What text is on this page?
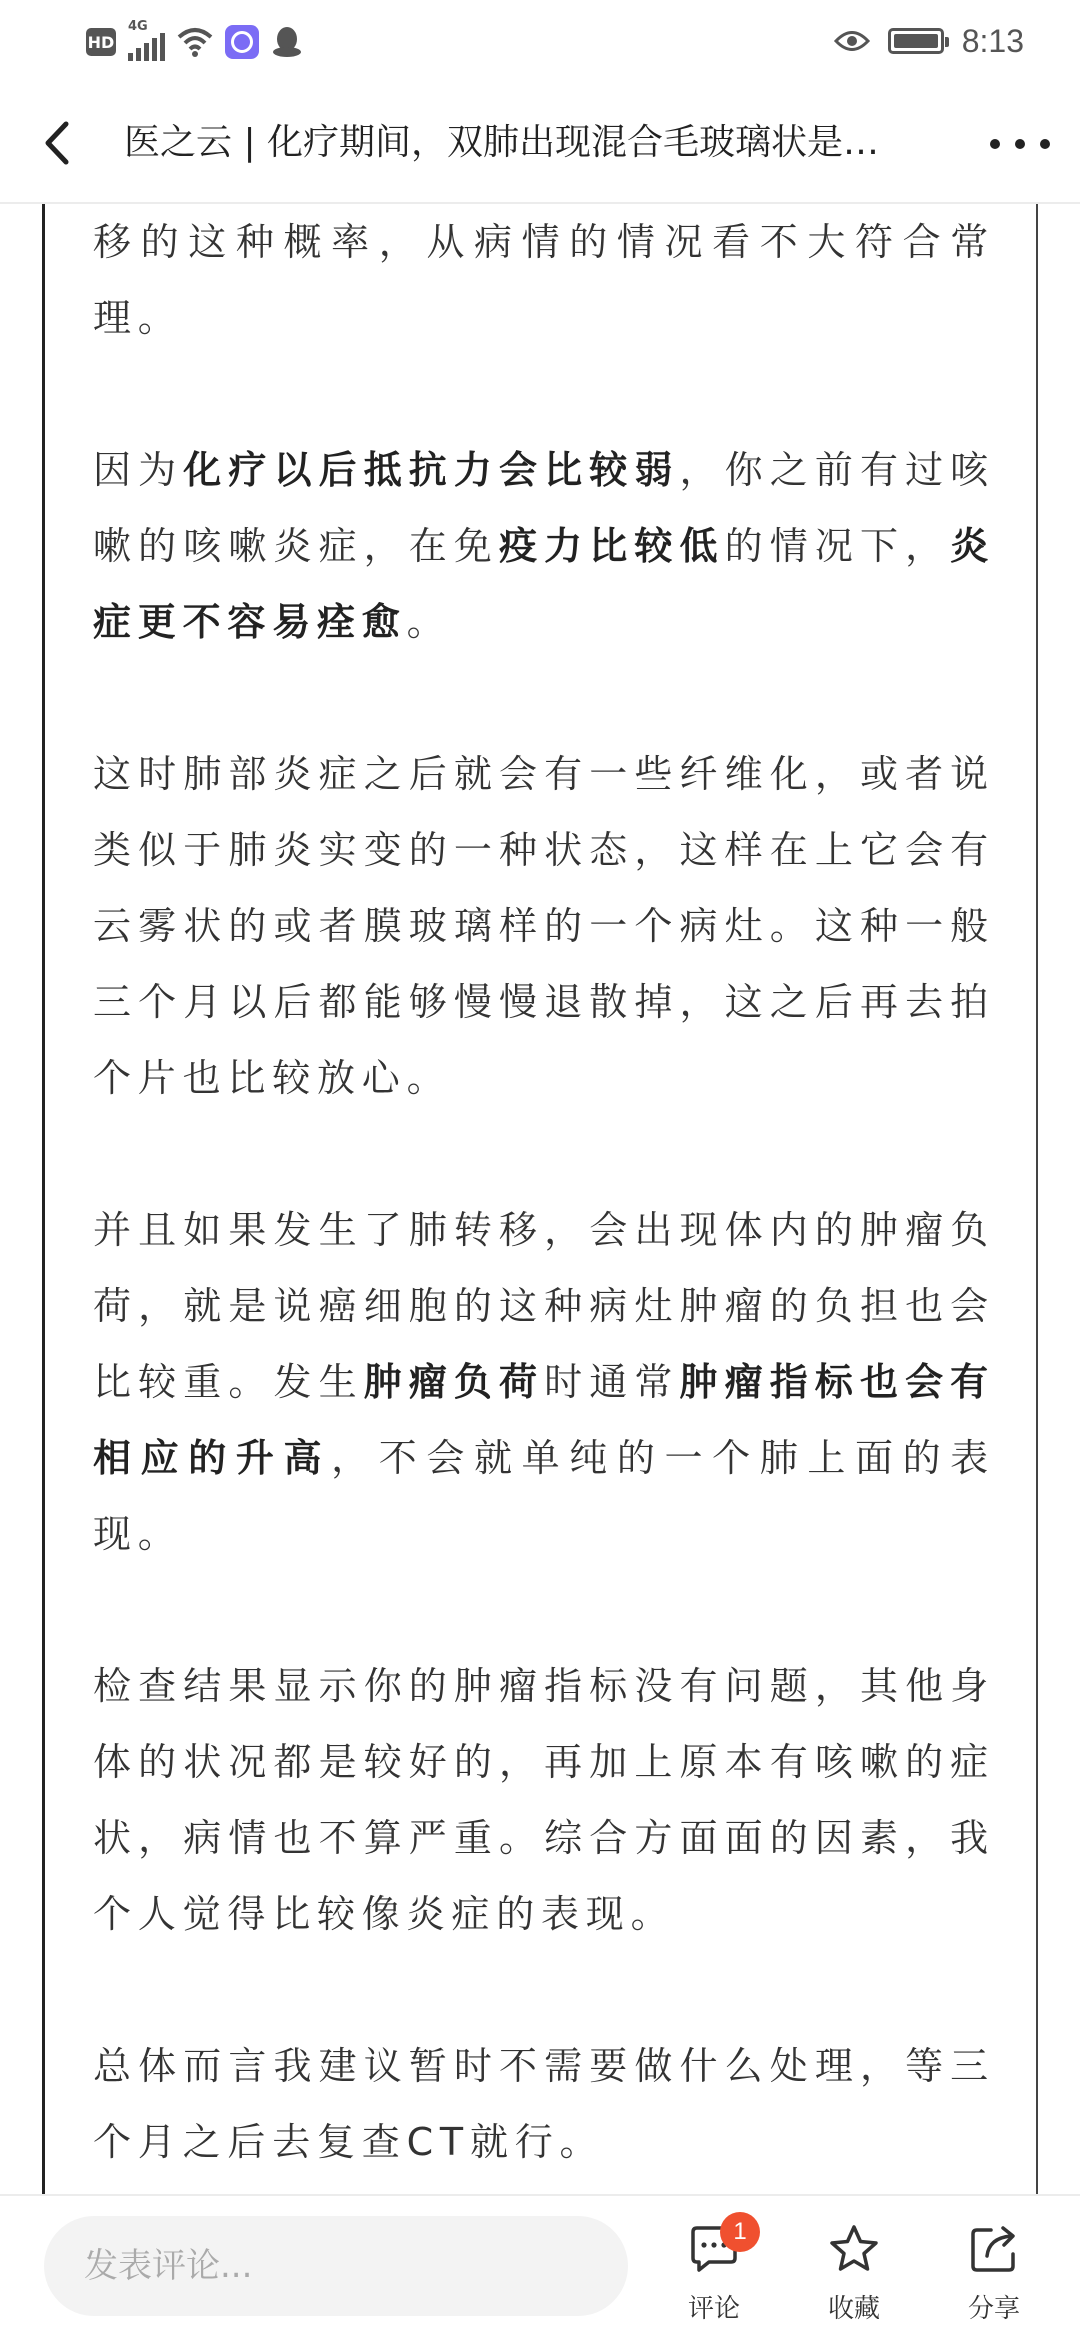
HD
4G	8:13
医之云 | 化疗期间，双肺出现混合毛玻璃状是…

移的这种概率，从病情的情况看不大符合常理。

因为化疗以后抵抗力会比较弱，你之前有过咳嗽的咳嗽炎症，在免疫力比较低的情况下，炎症更不容易痊愈。

这时肺部炎症之后就会有一些纤维化，或者说类似于肺炎实变的一种状态，这样在上它会有云雾状的或者膜玻璃样的一个病灶。这种一般三个月以后都能够慢慢退散掉，这之后再去拍个片也比较放心。

并且如果发生了肺转移，会出现体内的肿瘤负荷，就是说癌细胞的这种病灶肿瘤的负担也会比较重。发生肿瘤负荷时通常肿瘤指标也会有相应的升高，不会就单纯的一个肺上面的表现。

检查结果显示你的肿瘤指标没有问题，其他身体的状况都是较好的，再加上原本有咳嗽的症状，病情也不算严重。综合方面面的因素，我个人觉得比较像炎症的表现。

总体而言我建议暂时不需要做什么处理，等三个月之后去复查CT就行。

发表评论...
1
评论	收藏	分享
